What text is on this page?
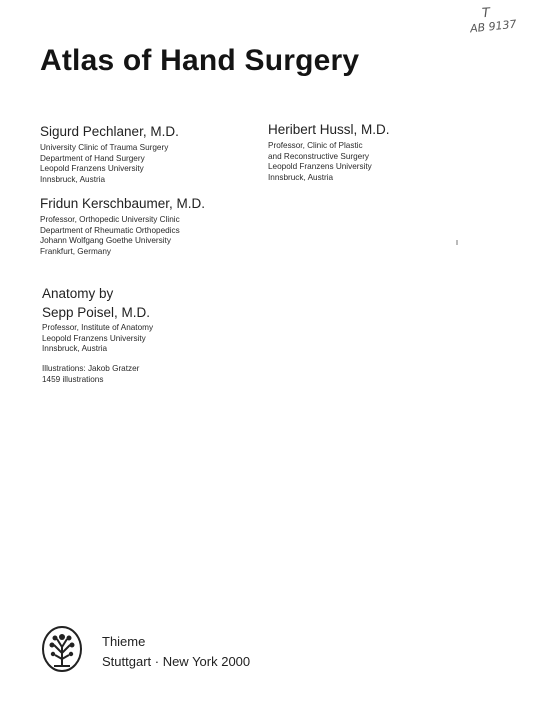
Atlas of Hand Surgery
T
AB 9137
Sigurd Pechlaner, M.D.
University Clinic of Trauma Surgery
Department of Hand Surgery
Leopold Franzens University
Innsbruck, Austria
Heribert Hussl, M.D.
Professor, Clinic of Plastic
and Reconstructive Surgery
Leopold Franzens University
Innsbruck, Austria
Fridun Kerschbaumer, M.D.
Professor, Orthopedic University Clinic
Department of Rheumatic Orthopedics
Johann Wolfgang Goethe University
Frankfurt, Germany
Anatomy by
Sepp Poisel, M.D.
Professor, Institute of Anatomy
Leopold Franzens University
Innsbruck, Austria
Illustrations: Jakob Gratzer
1459 illustrations
Thieme
Stuttgart · New York 2000
